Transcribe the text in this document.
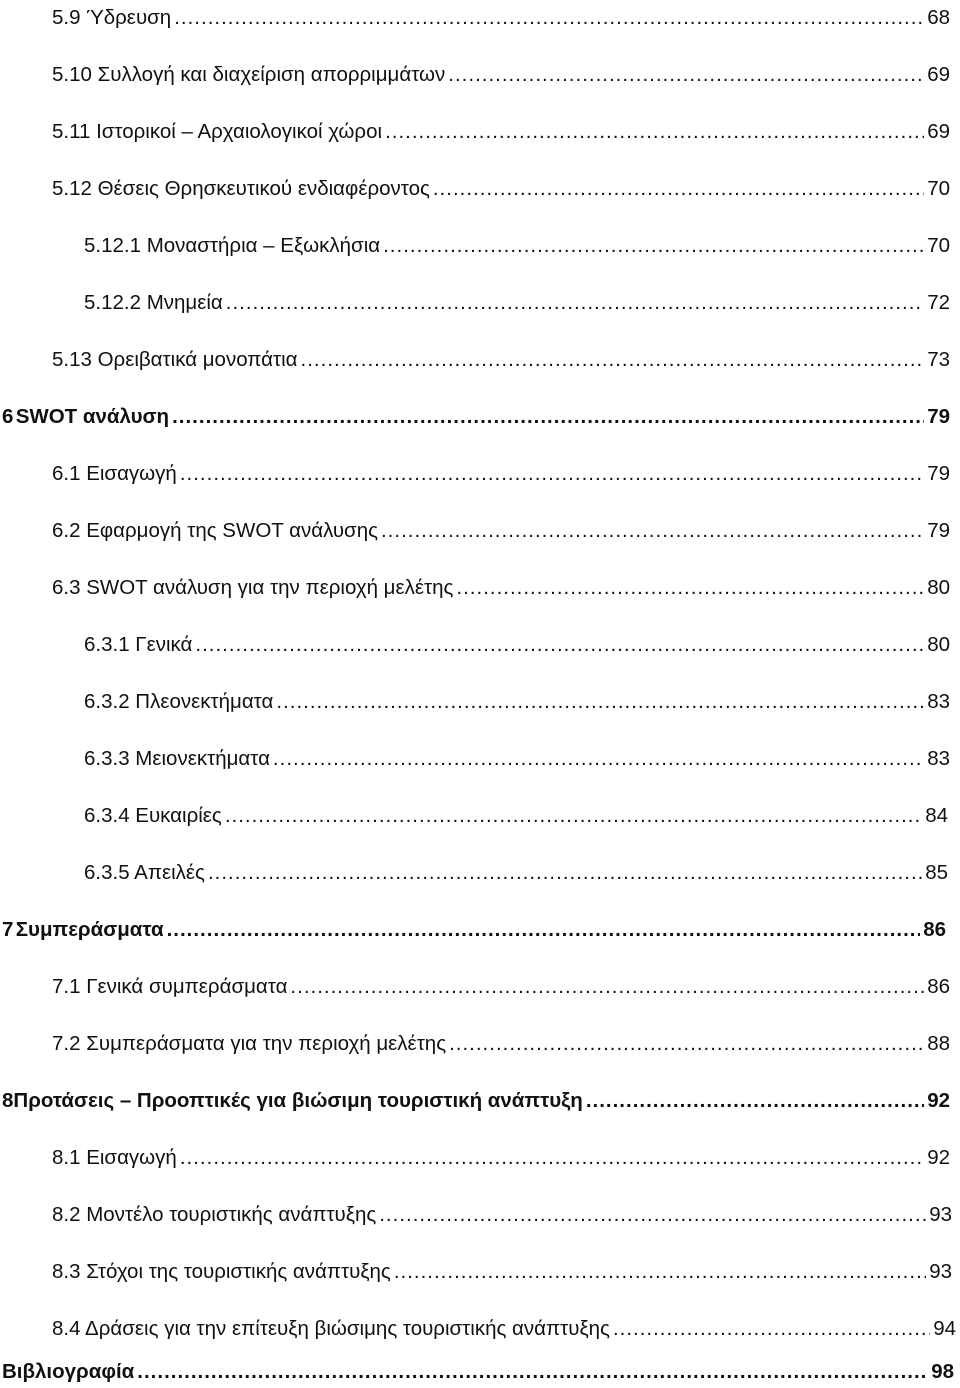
5.9 Ύδρευση .....	68
5.10 Συλλογή και διαχείριση απορριμμάτων .....	69
5.11 Ιστορικοί – Αρχαιολογικοί χώροι .....	69
5.12 Θέσεις Θρησκευτικού ενδιαφέροντος .....	70
5.12.1 Μοναστήρια – Εξωκλήσια .....	70
5.12.2 Μνημεία .....	72
5.13 Ορειβατικά μονοπάτια .....	73
6 SWOT ανάλυση .....	79
6.1 Εισαγωγή .....	79
6.2 Εφαρμογή της SWOT ανάλυσης .....	79
6.3 SWOT ανάλυση για την περιοχή μελέτης .....	80
6.3.1 Γενικά .....	80
6.3.2 Πλεονεκτήματα .....	83
6.3.3 Μειονεκτήματα .....	83
6.3.4 Ευκαιρίες .....	84
6.3.5 Απειλές .....	85
7 Συμπεράσματα .....	86
7.1 Γενικά συμπεράσματα .....	86
7.2 Συμπεράσματα για την περιοχή μελέτης .....	88
8 Προτάσεις – Προοπτικές για βιώσιμη τουριστική ανάπτυξη .....	92
8.1 Εισαγωγή .....	92
8.2 Μοντέλο τουριστικής ανάπτυξης .....	93
8.3 Στόχοι της τουριστικής ανάπτυξης .....	93
8.4 Δράσεις για την επίτευξη βιώσιμης τουριστικής ανάπτυξης .....	94
Βιβλιογραφία .....	98
